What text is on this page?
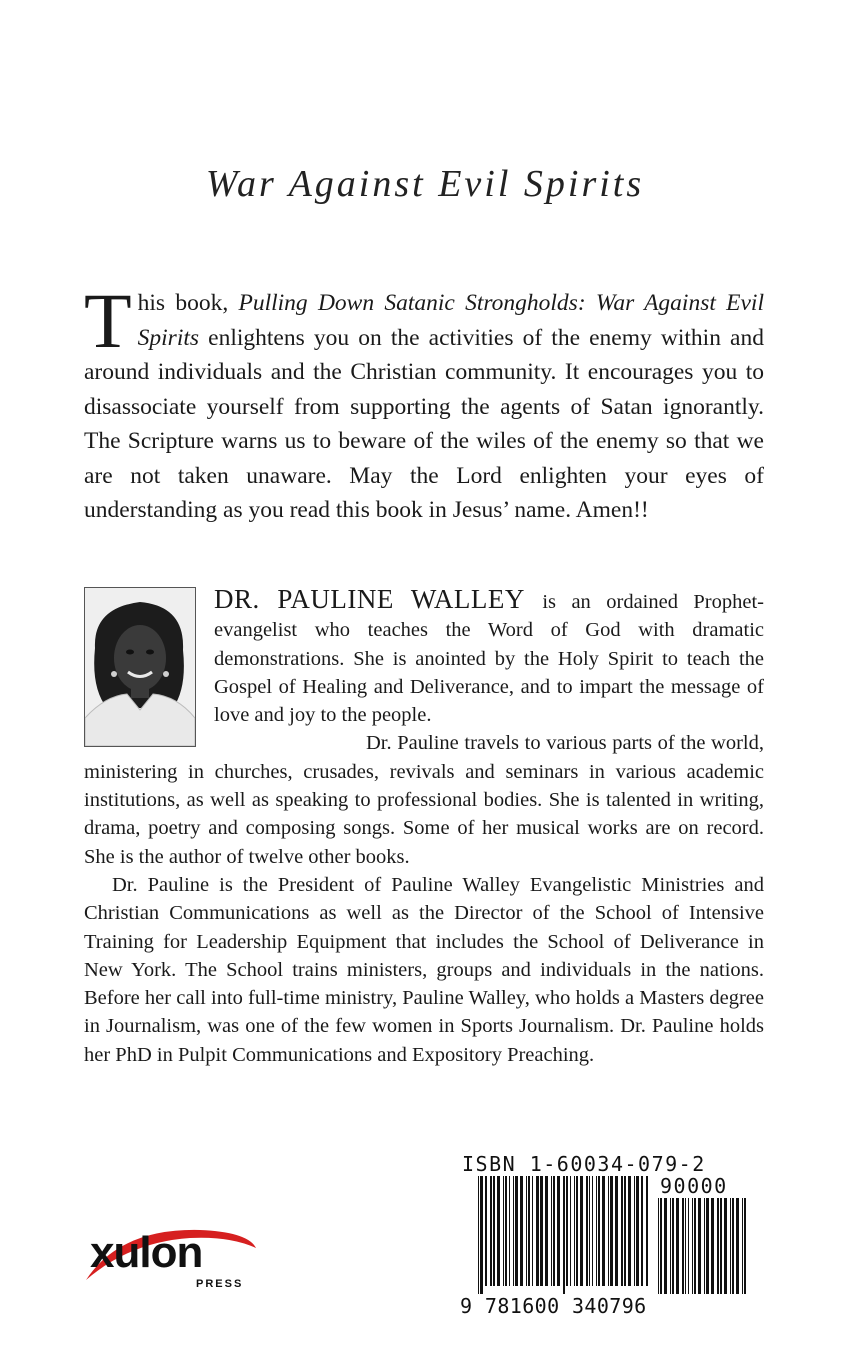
War Against Evil Spirits
This book, Pulling Down Satanic Strongholds: War Against Evil Spirits enlightens you on the activities of the enemy within and around individuals and the Christian community. It encourages you to disassociate yourself from supporting the agents of Satan ignorantly. The Scripture warns us to beware of the wiles of the enemy so that we are not taken unaware. May the Lord enlighten your eyes of understanding as you read this book in Jesus’ name. Amen!!

DR. PAULINE WALLEY is an ordained Prophet-evangelist who teaches the Word of God with dramatic demonstrations. She is anointed by the Holy Spirit to teach the Gospel of Healing and Deliverance, and to impart the message of love and joy to the people.

Dr. Pauline travels to various parts of the world, ministering in churches, crusades, revivals and seminars in various academic institutions, as well as speaking to professional bodies. She is talented in writing, drama, poetry and composing songs. Some of her musical works are on record. She is the author of twelve other books.

Dr. Pauline is the President of Pauline Walley Evangelistic Ministries and Christian Communications as well as the Director of the School of Intensive Training for Leadership Equipment that includes the School of Deliverance in New York. The School trains ministers, groups and individuals in the nations. Before her call into full-time ministry, Pauline Walley, who holds a Masters degree in Journalism, was one of the few women in Sports Journalism. Dr. Pauline holds her PhD in Pulpit Communications and Expository Preaching.

xulon
PRESS
ISBN 1-60034-079-2
90000
9 781600 340796
